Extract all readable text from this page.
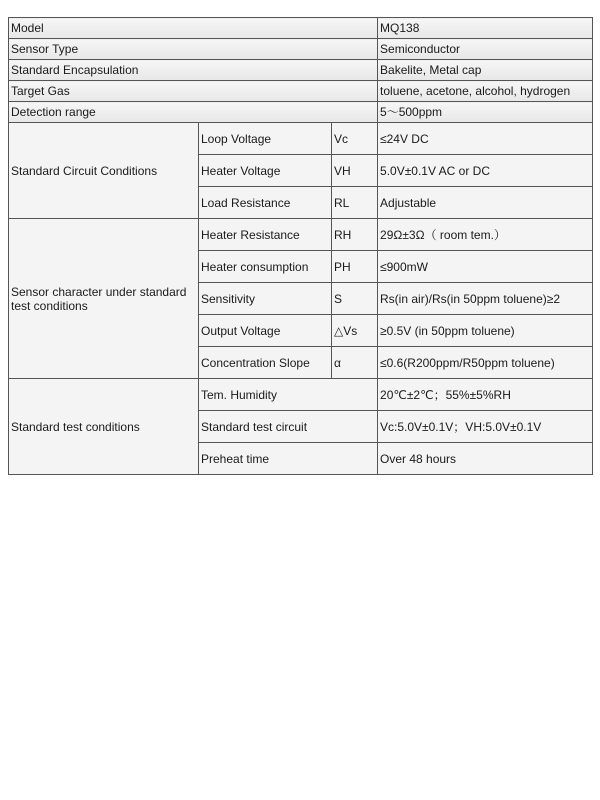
Model			MQ138
Sensor Type			Semiconductor
Standard Encapsulation			Bakelite, Metal cap
Target Gas			toluene, acetone, alcohol, hydrogen
Detection range			5～500ppm
Standard Circuit Conditions	Loop Voltage	Vc	≤24V DC
	Heater Voltage	VH	5.0V±0.1V AC or DC
	Load Resistance	RL	Adjustable
Sensor character under standard test conditions	Heater Resistance	RH	29Ω±3Ω（ room tem.）
	Heater consumption	PH	≤900mW
	Sensitivity	S	Rs(in air)/Rs(in 50ppm toluene)≥2
	Output Voltage	△Vs	≥0.5V (in 50ppm toluene)
	Concentration Slope	α	≤0.6(R200ppm/R50ppm toluene)
Standard test conditions	Tem. Humidity		20℃±2℃；55%±5%RH
	Standard test circuit		Vc:5.0V±0.1V；VH:5.0V±0.1V
	Preheat time		Over 48 hours
